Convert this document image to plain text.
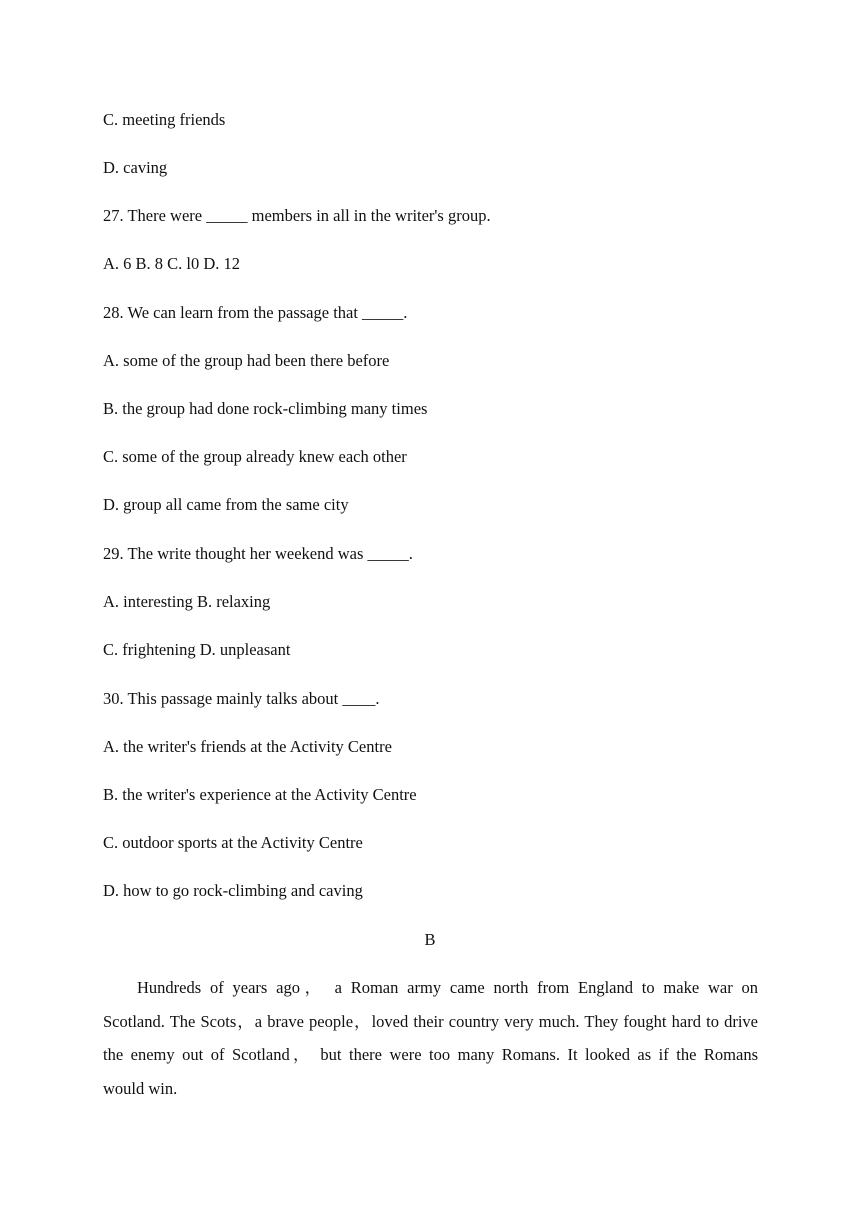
C. meeting friends
D. caving
27. There were _____ members in all in the writer's group.
A. 6 B. 8 C. l0 D. 12
28. We can learn from the passage that _____.
A. some of the group had been there before
B. the group had done rock-climbing many times
C. some of the group already knew each other
D. group all came from the same city
29. The write thought her weekend was _____.
A. interesting B. relaxing
C. frightening D. unpleasant
30. This passage mainly talks about ____.
A. the writer's friends at the Activity Centre
B. the writer's experience at the Activity Centre
C. outdoor sports at the Activity Centre
D. how to go rock-climbing and caving
B
Hundreds of years ago， a Roman army came north from England to make war on
Scotland. The Scots，a brave people，loved their country very much. They fought hard to drive
the enemy out of Scotland， but there were too many Romans. It looked as if the Romans
would win.
